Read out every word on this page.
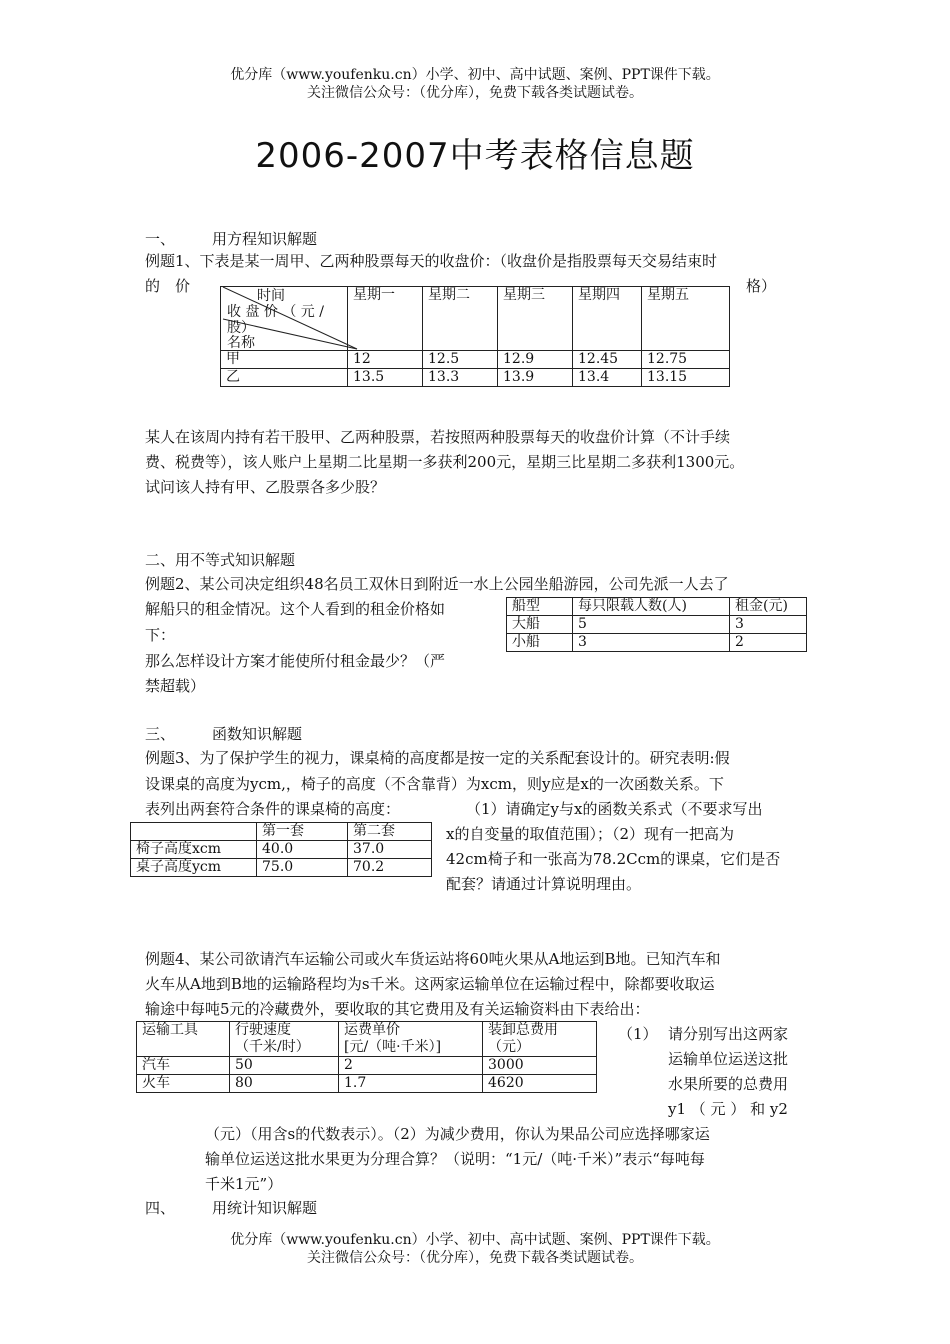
优分库（www.youfenku.cn）小学、初中、高中试题、案例、PPT课件下载。
关注微信公众号：（优分库），免费下载各类试题试卷。
2006-2007中考表格信息题
一、 用方程知识解题
例题1、下表是某一周甲、乙两种股票每天的收盘价：（收盘价是指股票每天交易结束时
的　价	格）
时间
收 盘 价 （ 元 /
股）
名称	星期一	星期二	星期三	星期四	星期五
甲	12	12.5	12.9	12.45	12.75
乙	13.5	13.3	13.9	13.4	13.15
某人在该周内持有若干股甲、乙两种股票，若按照两种股票每天的收盘价计算（不计手续
费、税费等），该人账户上星期二比星期一多获利200元，星期三比星期二多获利1300元。
试问该人持有甲、乙股票各多少股？
二、用不等式知识解题
例题2、某公司决定组织48名员工双休日到附近一水上公园坐船游园，公司先派一人去了
解船只的租金情况。这个人看到的租金价格如
下：
那么怎样设计方案才能使所付租金最少？（严
禁超载）
船型	每只限载人数(人)	租金(元)
大船	5	3
小船	3	2
三、 函数知识解题
例题3、为了保护学生的视力，课桌椅的高度都是按一定的关系配套设计的。研究表明:假
设课桌的高度为ycm,，椅子的高度（不含靠背）为xcm，则y应是x的一次函数关系。下
表列出两套符合条件的课桌椅的高度：	（1）请确定y与x的函数关系式（不要求写出
x的自变量的取值范围）；（2）现有一把高为
42cm椅子和一张高为78.2Ccm的课桌，它们是否
配套？请通过计算说明理由。
	第一套	第二套
椅子高度xcm	40.0	37.0
桌子高度ycm	75.0	70.2
例题4、某公司欲请汽车运输公司或火车货运站将60吨火果从A地运到B地。已知汽车和
火车从A地到B地的运输路程均为s千米。这两家运输单位在运输过程中，除都要收取运
输途中每吨5元的冷藏费外，要收取的其它费用及有关运输资料由下表给出：
运输工具	行驶速度
（千米/时）	运费单价
[元/（吨·千米）]	装卸总费用
（元）
汽车	50	2	3000
火车	80	1.7	4620
（1） 请分别写出这两家
运输单位运送这批
水果所要的总费用
y1 （ 元 ） 和 y2
（元）（用含s的代数表示）。（2）为减少费用，你认为果品公司应选择哪家运
输单位运送这批水果更为分理合算？（说明：“1元/（吨·千米）”表示“每吨每
千米1元”）
四、 用统计知识解题
优分库（www.youfenku.cn）小学、初中、高中试题、案例、PPT课件下载。
关注微信公众号：（优分库），免费下载各类试题试卷。
